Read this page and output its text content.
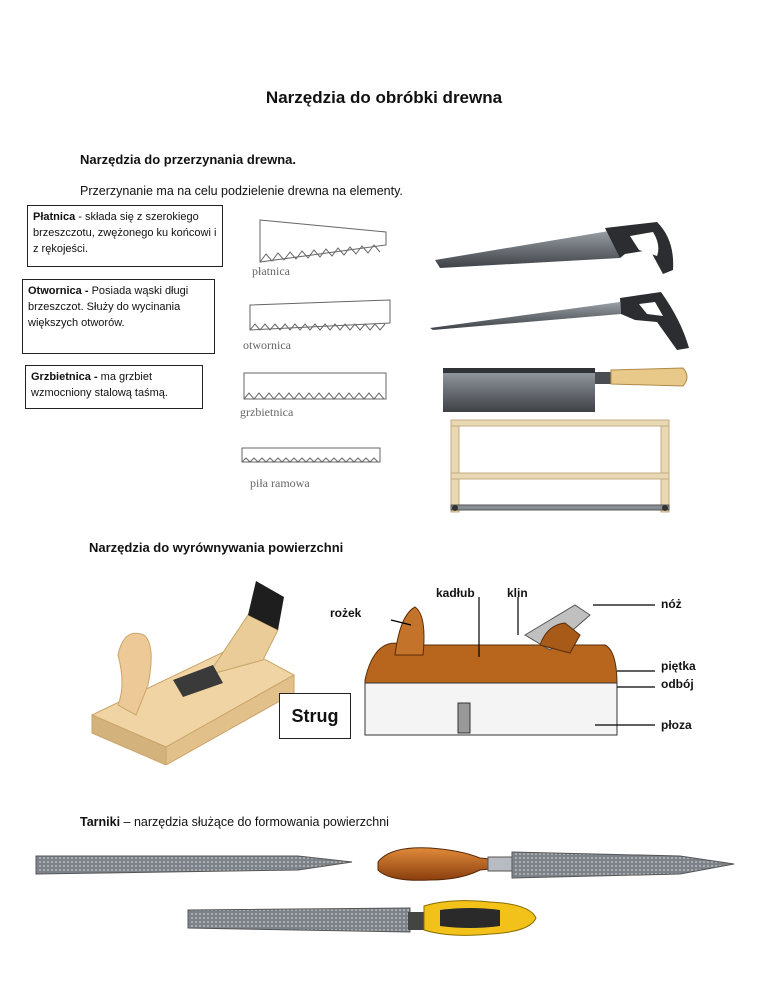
Narzędzia do obróbki drewna
Narzędzia do przerzynania drewna.
Przerzynanie ma na celu podzielenie drewna na elementy.
Płatnica - składa się z szerokiego brzeszczotu, zwężonego ku końcowi i z rękojeści.
Otwornica - Posiada wąski długi brzeszczot. Służy do wycinania większych otworów.
Grzbietnica - ma grzbiet wzmocniony stalową taśmą.
płatnica
otwornica
grzbietnica
piła ramowa
Narzędzia do wyrównywania powierzchni
Strug
rożek
kadłub	klin
nóż
piętka
odbój
płoza
Tarniki – narzędzia służące do formowania powierzchni
